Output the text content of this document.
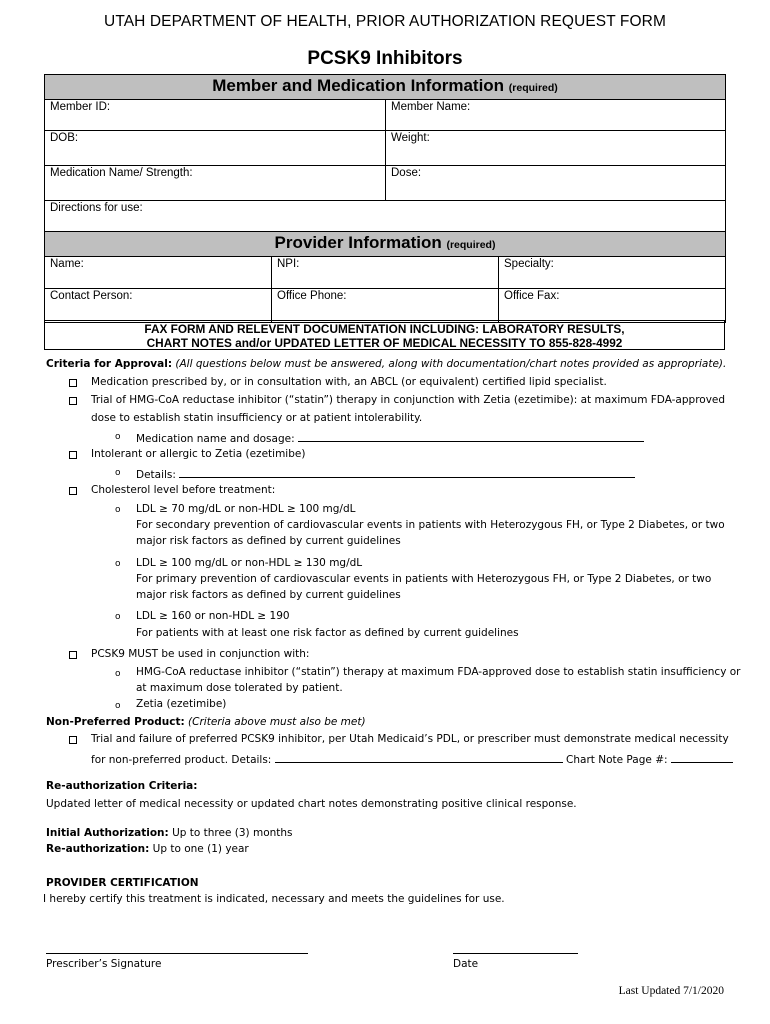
UTAH DEPARTMENT OF HEALTH, PRIOR AUTHORIZATION REQUEST FORM
PCSK9 Inhibitors
Member and Medication Information (required)	
Member ID:	Member Name:
DOB:	Weight:
Medication Name/ Strength:	Dose:
Directions for use:	
Provider Information (required)		
Name:	NPI:	Specialty:
Contact Person:	Office Phone:	Office Fax:
FAX FORM AND RELEVENT DOCUMENTATION INCLUDING: LABORATORY RESULTS,
CHART NOTES and/or UPDATED LETTER OF MEDICAL NECESSITY TO 855-828-4992
Criteria for Approval: (All questions below must be answered, along with documentation/chart notes provided as appropriate).
Medication prescribed by, or in consultation with, an ABCL (or equivalent) certified lipid specialist.
Trial of HMG-CoA reductase inhibitor (“statin”) therapy in conjunction with Zetia (ezetimibe): at maximum FDA-approved
dose to establish statin insufficiency or at patient intolerability.
o Medication name and dosage:
Intolerant or allergic to Zetia (ezetimibe)
o Details:
Cholesterol level before treatment:
o LDL ≥ 70 mg/dL or non-HDL ≥ 100 mg/dL
For secondary prevention of cardiovascular events in patients with Heterozygous FH, or Type 2 Diabetes, or two
major risk factors as defined by current guidelines
o LDL ≥ 100 mg/dL or non-HDL ≥ 130 mg/dL
For primary prevention of cardiovascular events in patients with Heterozygous FH, or Type 2 Diabetes, or two
major risk factors as defined by current guidelines
o LDL ≥ 160 or non-HDL ≥ 190
For patients with at least one risk factor as defined by current guidelines
PCSK9 MUST be used in conjunction with:
o HMG-CoA reductase inhibitor (“statin”) therapy at maximum FDA-approved dose to establish statin insufficiency or
at maximum dose tolerated by patient.
o Zetia (ezetimibe)
Non-Preferred Product: (Criteria above must also be met)
Trial and failure of preferred PCSK9 inhibitor, per Utah Medicaid’s PDL, or prescriber must demonstrate medical necessity
for non-preferred product. Details:	Chart Note Page #:
Re-authorization Criteria:
Updated letter of medical necessity or updated chart notes demonstrating positive clinical response.
Initial Authorization: Up to three (3) months
Re-authorization: Up to one (1) year
PROVIDER CERTIFICATION
I hereby certify this treatment is indicated, necessary and meets the guidelines for use.
Prescriber’s Signature	Date
Last Updated 7/1/2020
